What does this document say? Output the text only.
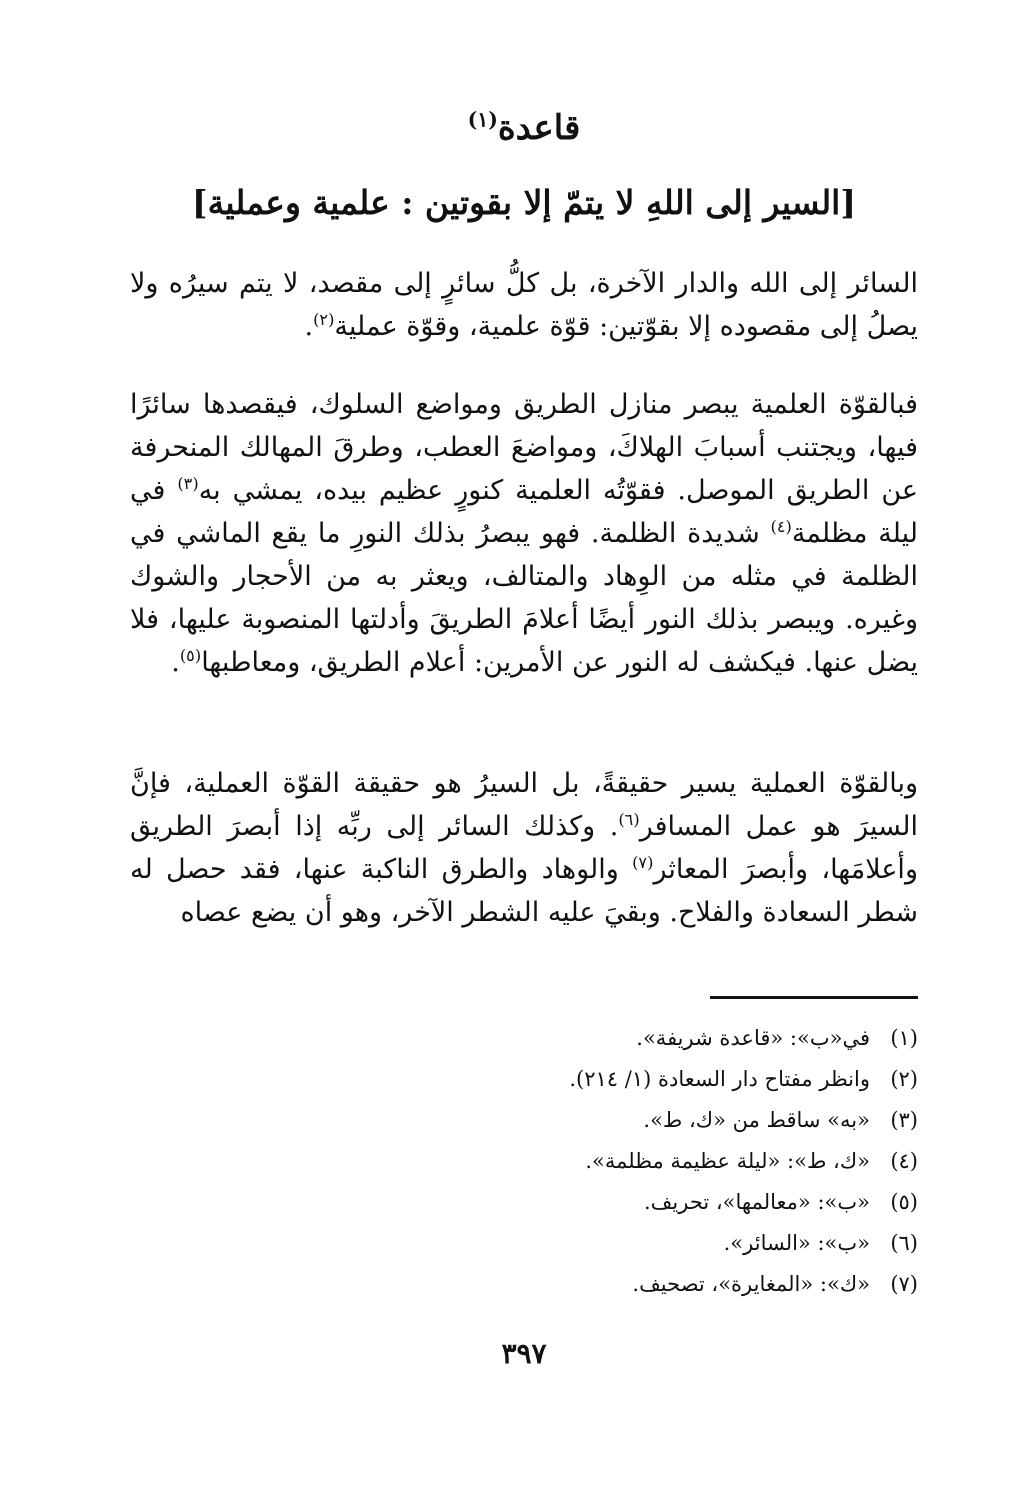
قاعدة$^{(١)}$
[السير إلى اللهِ لا يتمّ إلا بقوتين : علمية وعملية]

السائر إلى الله والدار الآخرة، بل كلُّ سائرٍ إلى مقصد، لا يتم سيرُه ولا يصلُ إلى مقصوده إلا بقوّتين: قوّة علمية، وقوّة عملية$^{(٢)}$.

فبالقوّة العلمية يبصر منازل الطريق ومواضع السلوك، فيقصدها سائرًا فيها، ويجتنب أسبابَ الهلاكَ، ومواضعَ العطب، وطرقَ المهالك المنحرفة عن الطريق الموصل. فقوّتُه العلمية كنورٍ عظيم بيده، يمشي به$^{(٣)}$ في ليلة مظلمة$^{(٤)}$ شديدة الظلمة. فهو يبصرُ بذلك النورِ ما يقع الماشي في الظلمة في مثله من الوِهاد والمتالف، ويعثر به من الأحجار والشوك وغيره. ويبصر بذلك النور أيضًا أعلامَ الطريقَ وأدلتها المنصوبة عليها، فلا يضل عنها. فيكشف له النور عن الأمرين: أعلام الطريق، ومعاطبها$^{(٥)}$.

وبالقوّة العملية يسير حقيقةً، بل السيرُ هو حقيقة القوّة العملية، فإنَّ السيرَ هو عمل المسافر$^{(٦)}$. وكذلك السائر إلى ربِّه إذا أبصرَ الطريق وأعلامَها، وأبصرَ المعاثر$^{(٧)}$ والوهاد والطرق الناكبة عنها، فقد حصل له شطر السعادة والفلاح. وبقيَ عليه الشطر الآخر، وهو أن يضع عصاه

(١)في«ب»: «قاعدة شريفة».
(٢)وانظر مفتاح دار السعادة (١/ ٢١٤).
(٣)«به» ساقط من «ك، ط».
(٤)«ك، ط»: «ليلة عظيمة مظلمة».
(٥)«ب»: «معالمها»، تحريف.
(٦)«ب»: «السائر».
(٧)«ك»: «المغايرة»، تصحيف.
٣٩٧
